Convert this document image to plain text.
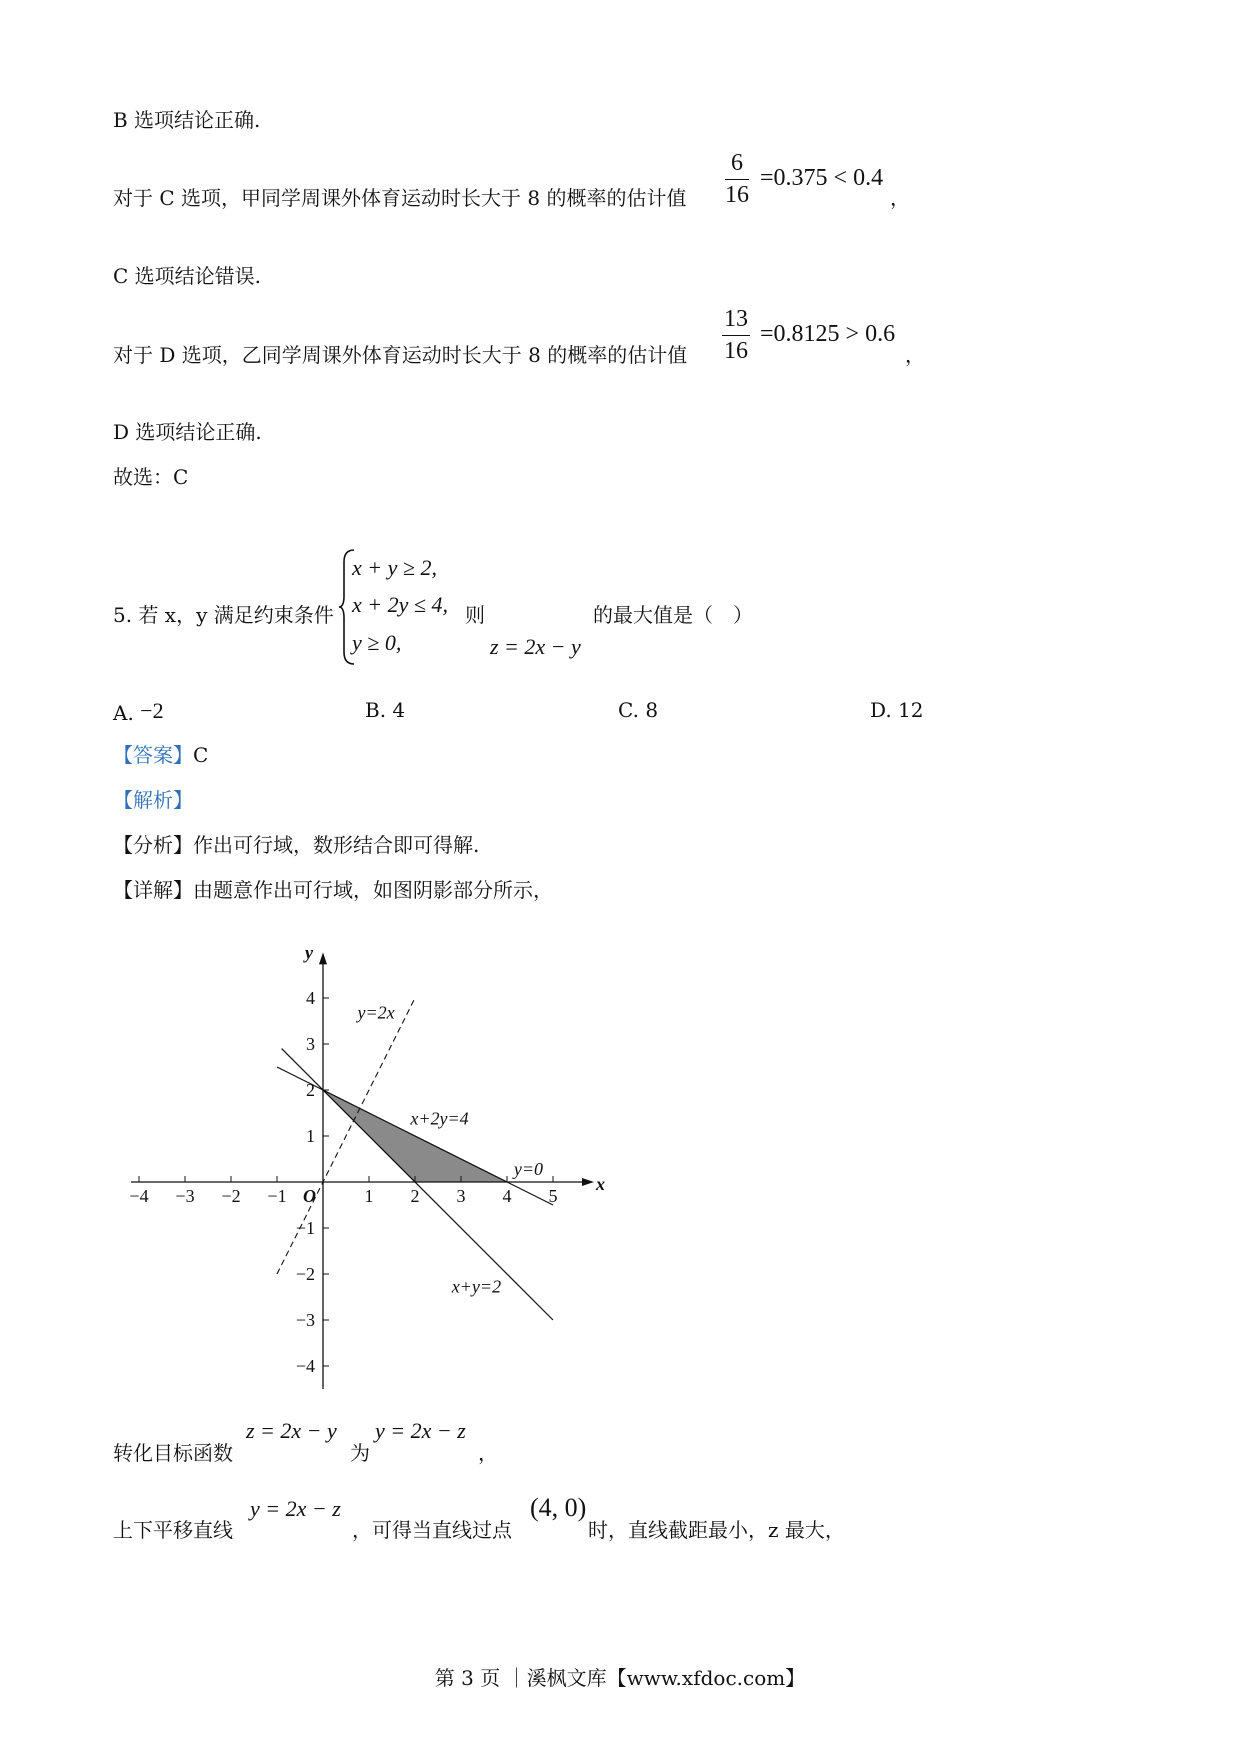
B 选项结论正确.
对于 C 选项，甲同学周课外体育运动时长大于 8 的概率的估计值 $\frac{6}{16} =0.375 < 0.4$
，
C 选项结论错误.
对于 D 选项，乙同学周课外体育运动时长大于 8 的概率的估计值 $\frac{13}{16} =0.8125 > 0.6$
，
D 选项结论正确.
故选：C
5. 若 x，y 满足约束条件
x + y ≥ 2,
x + 2y ≤ 4,
y ≥ 0,
则
z = 2x − y
的最大值是（　）
A. −2	B. 4	C. 8	D. 12
【答案】C
【解析】
【分析】作出可行域，数形结合即可得解.
【详解】由题意作出可行域，如图阴影部分所示，
−4 −3 −2 −1	1 2 3 4 5
4
3
2
1
−1
−2
−3
−4
x
y
O
x+2y=4
x+y=2
y=2x
y=0
转化目标函数
z = 2x − y
为
y = 2x − z
，
上下平移直线
y = 2x − z
，可得当直线过点
(4, 0)
时，直线截距最小，z 最大，
第 3 页 ｜溪枫文库【www.xfdoc.com】
